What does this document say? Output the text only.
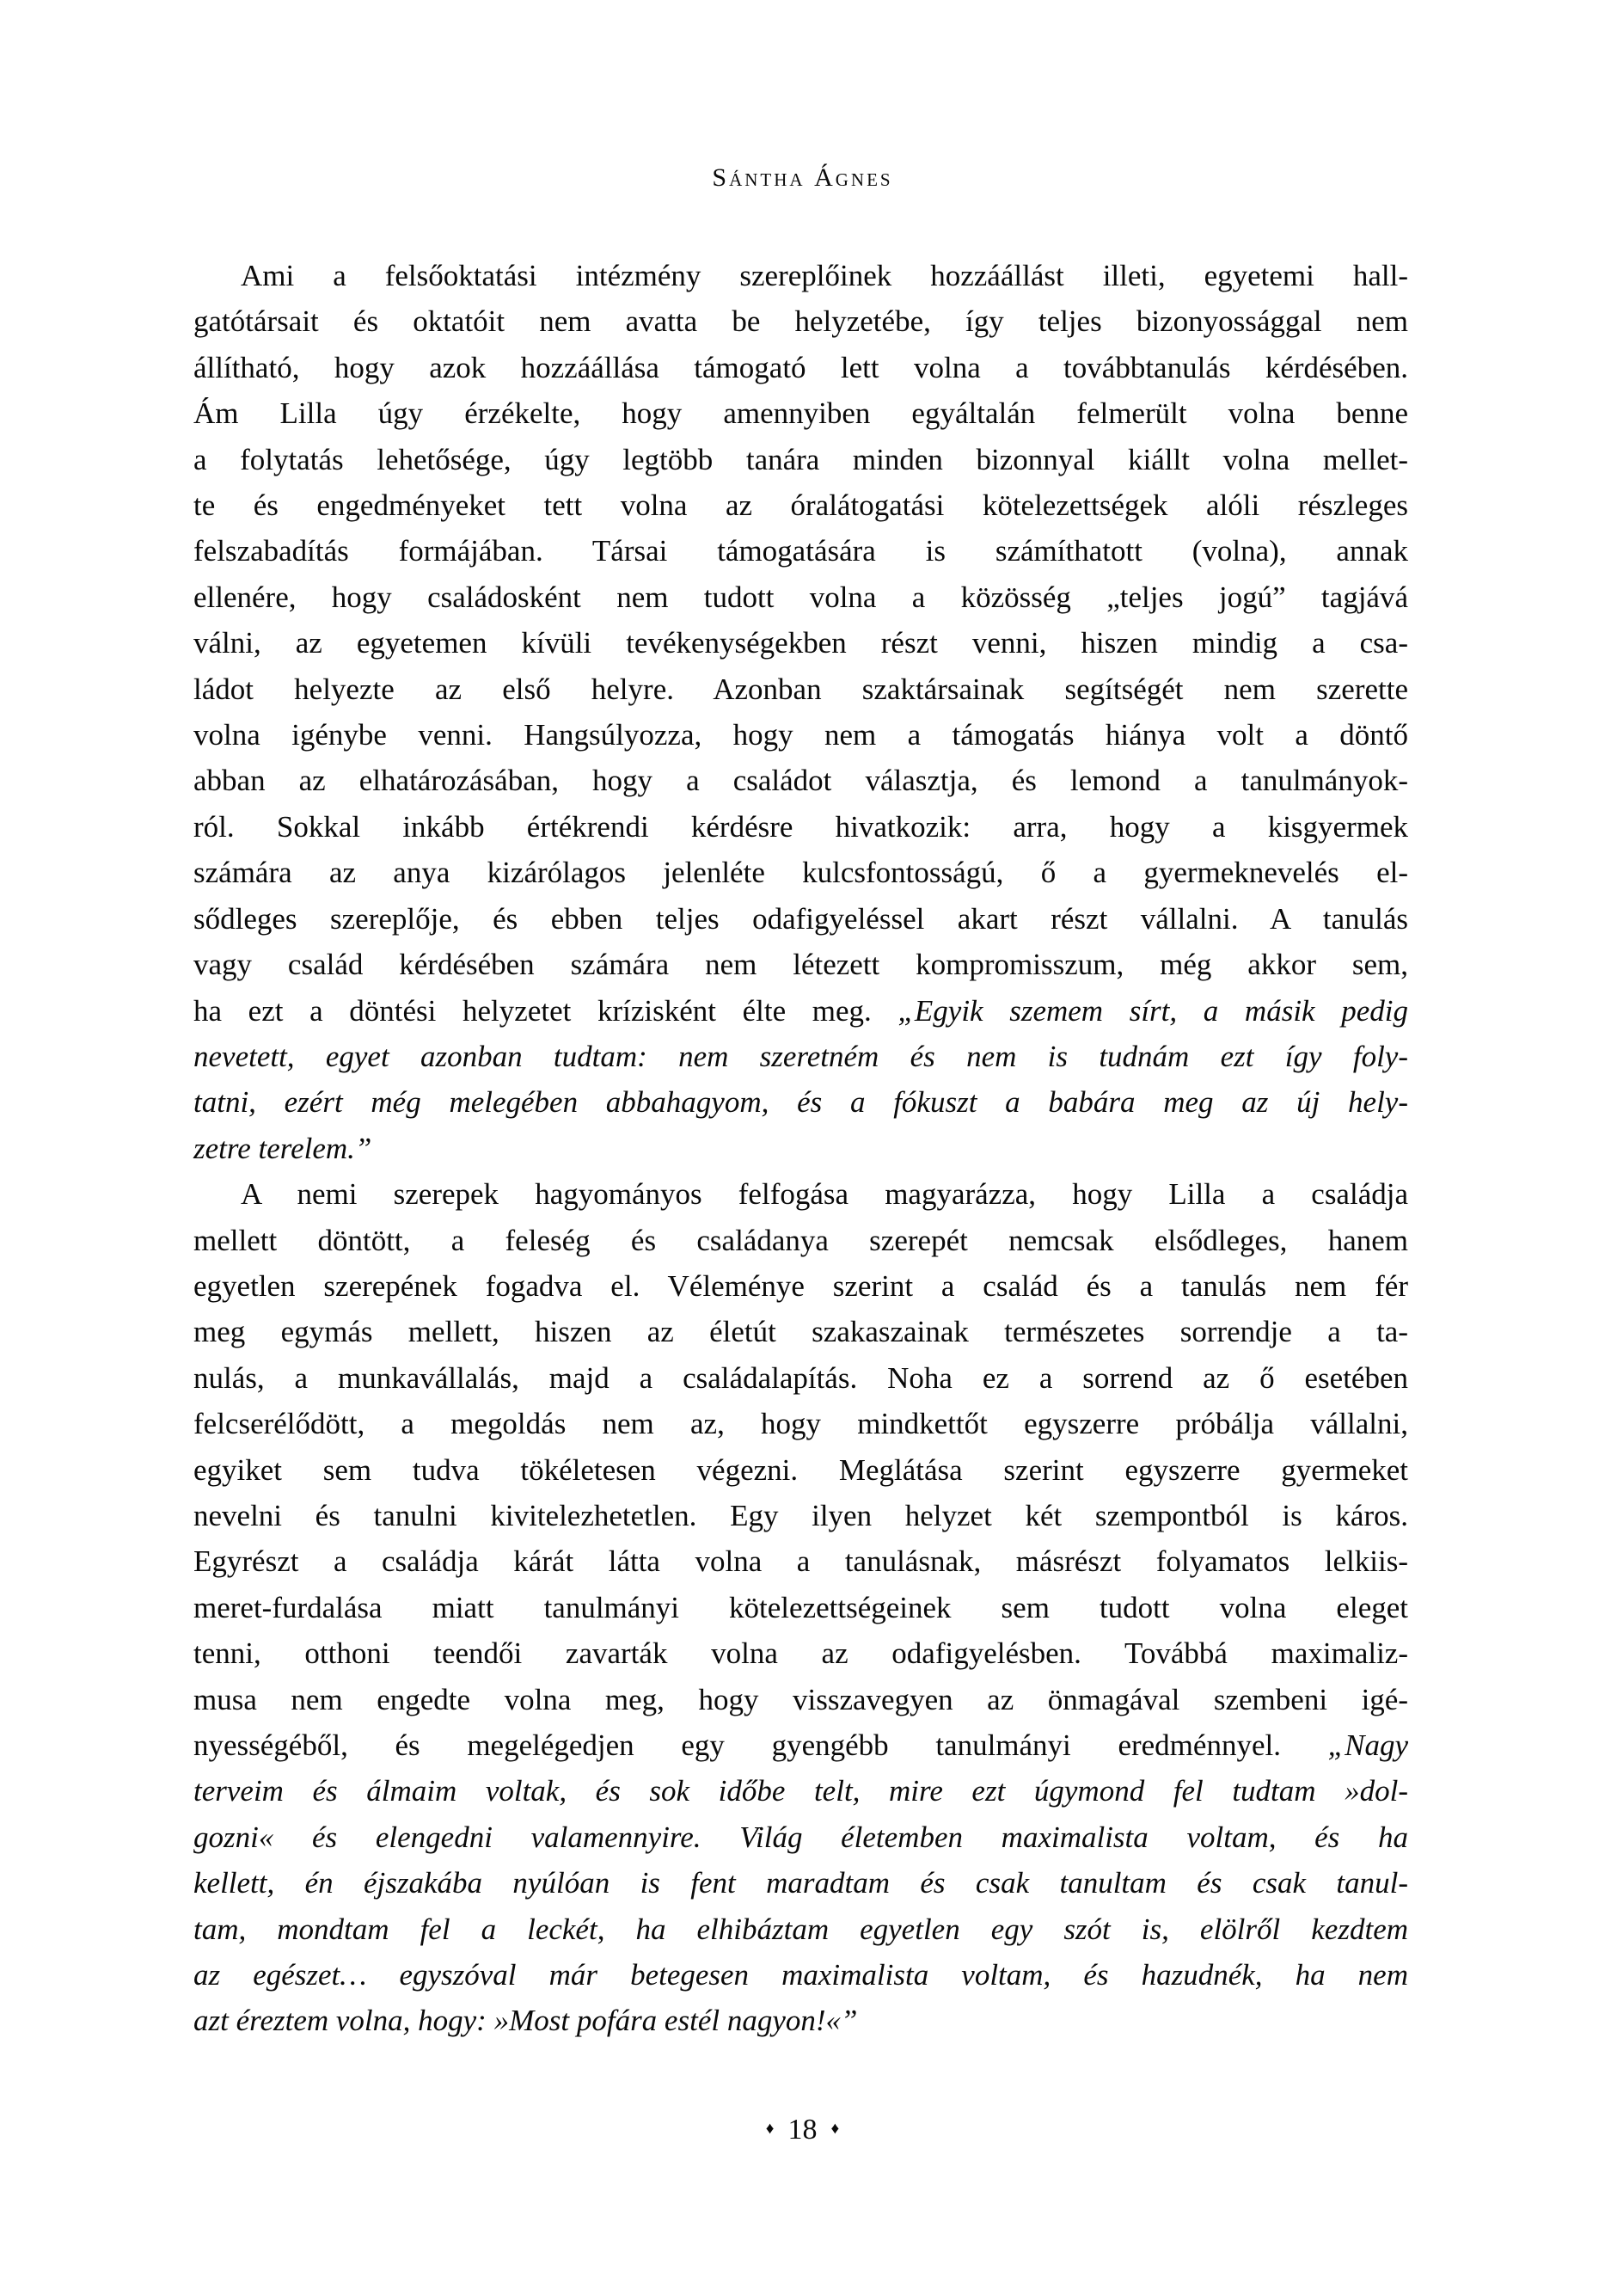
Sántha Ágnes
Ami a felsőoktatási intézmény szereplőinek hozzáállást illeti, egyetemi hall-
gatótársait és oktatóit nem avatta be helyzetébe, így teljes bizonyossággal nem
állítható, hogy azok hozzáállása támogató lett volna a továbbtanulás kérdésében.
Ám Lilla úgy érzékelte, hogy amennyiben egyáltalán felmerült volna benne
a folytatás lehetősége, úgy legtöbb tanára minden bizonnyal kiállt volna mellet-
te és engedményeket tett volna az óralátogatási kötelezettségek alóli részleges
felszabadítás formájában. Társai támogatására is számíthatott (volna), annak
ellenére, hogy családosként nem tudott volna a közösség „teljes jogú” tagjává
válni, az egyetemen kívüli tevékenységekben részt venni, hiszen mindig a csa-
ládot helyezte az első helyre. Azonban szaktársainak segítségét nem szerette
volna igénybe venni. Hangsúlyozza, hogy nem a támogatás hiánya volt a döntő
abban az elhatározásában, hogy a családot választja, és lemond a tanulmányok-
ról. Sokkal inkább értékrendi kérdésre hivatkozik: arra, hogy a kisgyermek
számára az anya kizárólagos jelenléte kulcsfontosságú, ő a gyermeknevelés el-
sődleges szereplője, és ebben teljes odafigyeléssel akart részt vállalni. A tanulás
vagy család kérdésében számára nem létezett kompromisszum, még akkor sem,
ha ezt a döntési helyzetet krízisként élte meg. „Egyik szemem sírt, a másik pedig
nevetett, egyet azonban tudtam: nem szeretném és nem is tudnám ezt így foly-
tatni, ezért még melegében abbahagyom, és a fókuszt a babára meg az új hely-
zetre terelem.”
A nemi szerepek hagyományos felfogása magyarázza, hogy Lilla a családja
mellett döntött, a feleség és családanya szerepét nemcsak elsődleges, hanem
egyetlen szerepének fogadva el. Véleménye szerint a család és a tanulás nem fér
meg egymás mellett, hiszen az életút szakaszainak természetes sorrendje a ta-
nulás, a munkavállalás, majd a családalapítás. Noha ez a sorrend az ő esetében
felcserélődött, a megoldás nem az, hogy mindkettőt egyszerre próbálja vállalni,
egyiket sem tudva tökéletesen végezni. Meglátása szerint egyszerre gyermeket
nevelni és tanulni kivitelezhetetlen. Egy ilyen helyzet két szempontból is káros.
Egyrészt a családja kárát látta volna a tanulásnak, másrészt folyamatos lelkiis-
meret-furdalása miatt tanulmányi kötelezettségeinek sem tudott volna eleget
tenni, otthoni teendői zavarták volna az odafigyelésben. Továbbá maximaliz-
musa nem engedte volna meg, hogy visszavegyen az önmagával szembeni igé-
nyességéből, és megelégedjen egy gyengébb tanulmányi eredménnyel. „Nagy
terveim és álmaim voltak, és sok időbe telt, mire ezt úgymond fel tudtam »dol-
gozni« és elengedni valamennyire. Világ életemben maximalista voltam, és ha
kellett, én éjszakába nyúlóan is fent maradtam és csak tanultam és csak tanul-
tam, mondtam fel a leckét, ha elhibáztam egyetlen egy szót is, elölről kezdtem
az egészet… egyszóval már betegesen maximalista voltam, és hazudnék, ha nem
azt éreztem volna, hogy: »Most pofára estél nagyon!«”
♦ 18 ♦
